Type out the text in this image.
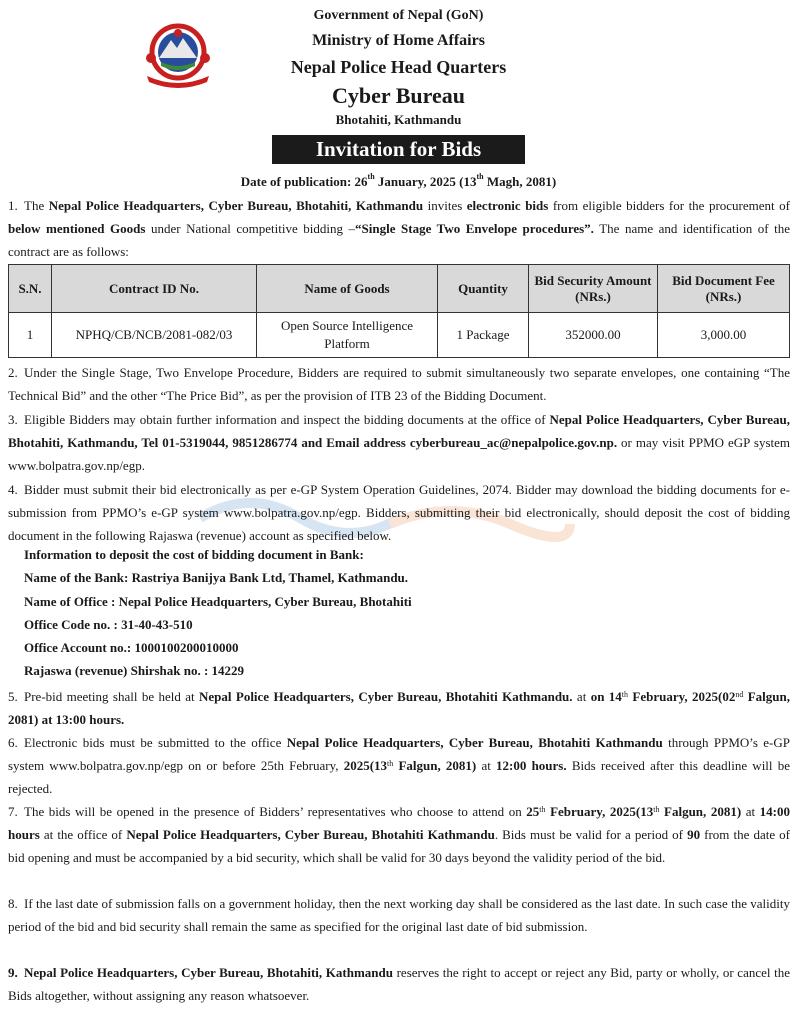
Government of Nepal (GoN)
Ministry of Home Affairs
Nepal Police Head Quarters
Cyber Bureau
Bhotahiti, Kathmandu
Invitation for Bids
Date of publication: 26th January, 2025 (13th Magh, 2081)
1. The Nepal Police Headquarters, Cyber Bureau, Bhotahiti, Kathmandu invites electronic bids from eligible bidders for the procurement of below mentioned Goods under National competitive bidding –“Single Stage Two Envelope procedures”. The name and identification of the contract are as follows:
S.N.	Contract ID No.	Name of Goods	Quantity	Bid Security Amount (NRs.)	Bid Document Fee (NRs.)
1	NPHQ/CB/NCB/2081-082/03	Open Source Intelligence Platform	1 Package	352000.00	3,000.00
2. Under the Single Stage, Two Envelope Procedure, Bidders are required to submit simultaneously two separate envelopes, one containing “The Technical Bid” and the other “The Price Bid”, as per the provision of ITB 23 of the Bidding Document.
3. Eligible Bidders may obtain further information and inspect the bidding documents at the office of Nepal Police Headquarters, Cyber Bureau, Bhotahiti, Kathmandu, Tel 01-5319044, 9851286774 and Email address cyberbureau_ac@nepalpolice.gov.np. or may visit PPMO eGP system www.bolpatra.gov.np/egp.
4. Bidder must submit their bid electronically as per e-GP System Operation Guidelines, 2074. Bidder may download the bidding documents for e-submission from PPMO’s e-GP system www.bolpatra.gov.np/egp. Bidders, submitting their bid electronically, should deposit the cost of bidding document in the following Rajaswa (revenue) account as specified below.
Information to deposit the cost of bidding document in Bank:
Name of the Bank: Rastriya Banijya Bank Ltd, Thamel, Kathmandu.
Name of Office : Nepal Police Headquarters, Cyber Bureau, Bhotahiti
Office Code no. : 31-40-43-510
Office Account no.: 1000100200010000
Rajaswa (revenue) Shirshak no. : 14229
5. Pre-bid meeting shall be held at Nepal Police Headquarters, Cyber Bureau, Bhotahiti Kathmandu. at on 14th February, 2025(02nd Falgun, 2081) at 13:00 hours.
6. Electronic bids must be submitted to the office Nepal Police Headquarters, Cyber Bureau, Bhotahiti Kathmandu through PPMO’s e-GP system www.bolpatra.gov.np/egp on or before 25th February, 2025(13th Falgun, 2081) at 12:00 hours. Bids received after this deadline will be rejected.
7. The bids will be opened in the presence of Bidders’ representatives who choose to attend on 25th February, 2025(13th Falgun, 2081) at 14:00 hours at the office of Nepal Police Headquarters, Cyber Bureau, Bhotahiti Kathmandu. Bids must be valid for a period of 90 from the date of bid opening and must be accompanied by a bid security, which shall be valid for 30 days beyond the validity period of the bid.
8. If the last date of submission falls on a government holiday, then the next working day shall be considered as the last date. In such case the validity period of the bid and bid security shall remain the same as specified for the original last date of bid submission.
9. Nepal Police Headquarters, Cyber Bureau, Bhotahiti, Kathmandu reserves the right to accept or reject any Bid, party or wholly, or cancel the Bids altogether, without assigning any reason whatsoever.
